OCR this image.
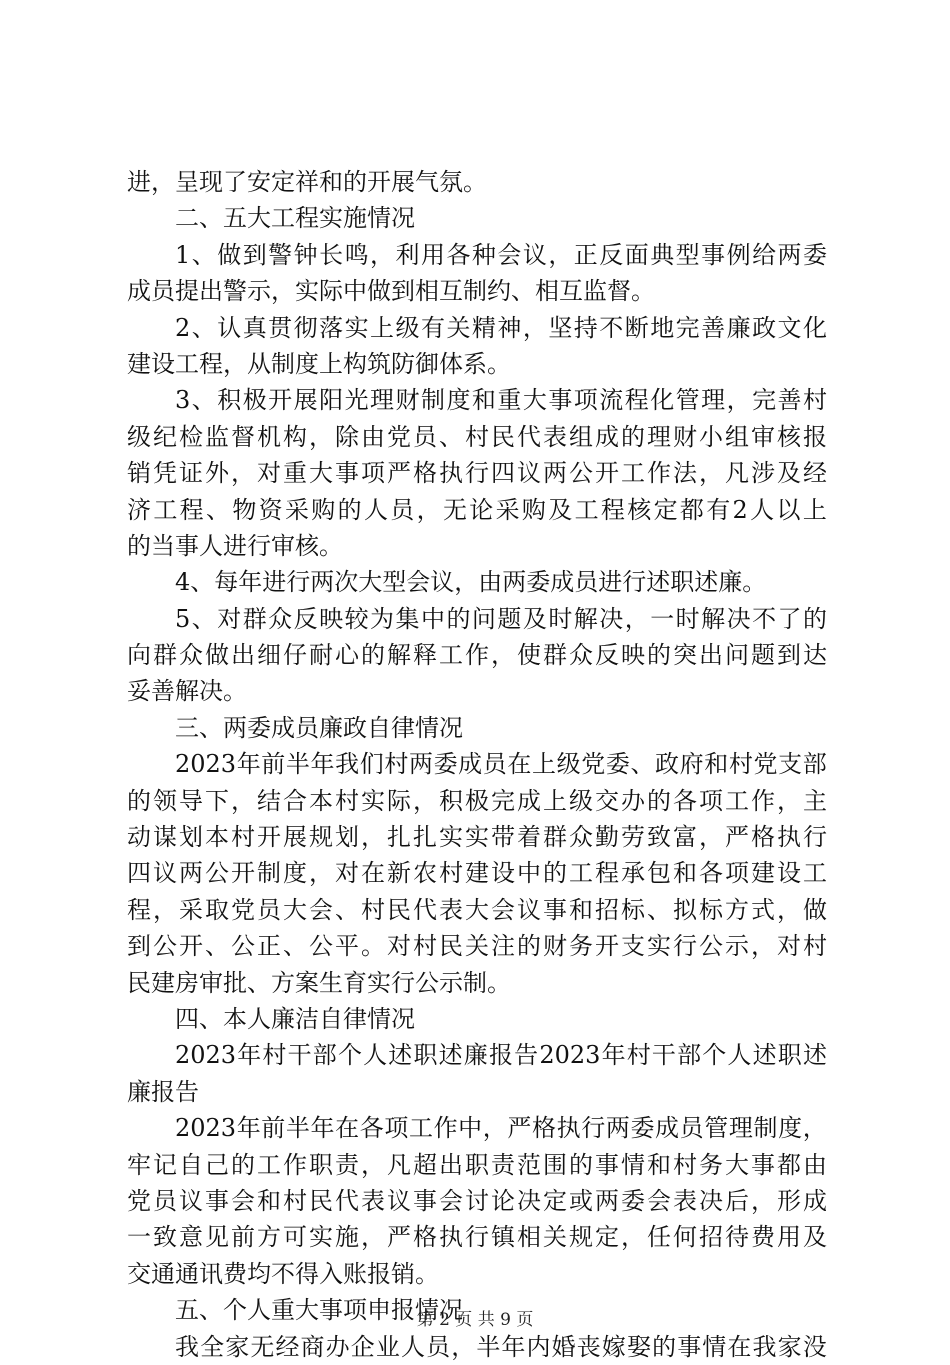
进，呈现了安定祥和的开展气氛。
二、五大工程实施情况
1 、 做 到 警 钟 长 鸣 ， 利 用 各 种 会 议 ， 正 反 面 典 型 事 例 给 两 委
成员提出警示，实际中做到相互制约、相互监督。
2 、 认 真 贯 彻 落 实 上 级 有 关 精 神 ， 坚 持 不 断 地 完 善 廉 政 文 化
建设工程，从制度上构筑防御体系。
3 、 积 极 开 展 阳 光 理 财 制 度 和 重 大 事 项 流 程 化 管 理 ， 完 善 村
级 纪 检 监 督 机 构 ， 除 由 党 员 、 村 民 代 表 组 成 的 理 财 小 组 审 核 报
销 凭 证 外 ， 对 重 大 事 项 严 格 执 行 四 议 两 公 开 工 作 法 ， 凡 涉 及 经
济 工 程 、 物 资 采 购 的 人 员 ， 无 论 采 购 及 工 程 核 定 都 有 2 人 以 上
的当事人进行审核。
4、每年进行两次大型会议，由两委成员进行述职述廉。
5 、 对 群 众 反 映 较 为 集 中 的 问 题 及 时 解 决 ， 一 时 解 决 不 了 的
向 群 众 做 出 细 仔 耐 心 的 解 释 工 作 ， 使 群 众 反 映 的 突 出 问 题 到 达
妥善解决。
三、两委成员廉政自律情况
2023 年 前 半 年 我 们 村 两 委 成 员 在 上 级 党 委 、 政 府 和 村 党 支 部
的 领 导 下 ， 结 合 本 村 实 际 ， 积 极 完 成 上 级 交 办 的 各 项 工 作 ， 主
动 谋 划 本 村 开 展 规 划 ， 扎 扎 实 实 带 着 群 众 勤 劳 致 富 ， 严 格 执 行
四 议 两 公 开 制 度 ， 对 在 新 农 村 建 设 中 的 工 程 承 包 和 各 项 建 设 工
程 ， 采 取 党 员 大 会 、 村 民 代 表 大 会 议 事 和 招 标 、 拟 标 方 式 ， 做
到 公 开 、 公 正 、 公 平 。 对 村 民 关 注 的 财 务 开 支 实 行 公 示 ， 对 村
民建房审批、方案生育实行公示制。
四、本人廉洁自律情况
2023 年 村 干 部 个 人 述 职 述 廉 报 告 2023 年 村 干 部 个 人 述 职 述
廉报告
2023 年 前 半 年 在 各 项 工 作 中 ， 严 格 执 行 两 委 成 员 管 理 制 度 ，
牢 记 自 己 的 工 作 职 责 ， 凡 超 出 职 责 范 围 的 事 情 和 村 务 大 事 都 由
党 员 议 事 会 和 村 民 代 表 议 事 会 讨 论 决 定 或 两 委 会 表 决 后 ， 形 成
一 致 意 见 前 方 可 实 施 ， 严 格 执 行 镇 相 关 规 定 ， 任 何 招 待 费 用 及
交通通讯费均不得入账报销。
五、个人重大事项申报情况
我 全 家 无 经 商 办 企 业 人 员 ， 半 年 内 婚 丧 嫁 娶 的 事 情 在 我 家 没
第 2 页 共 9 页
